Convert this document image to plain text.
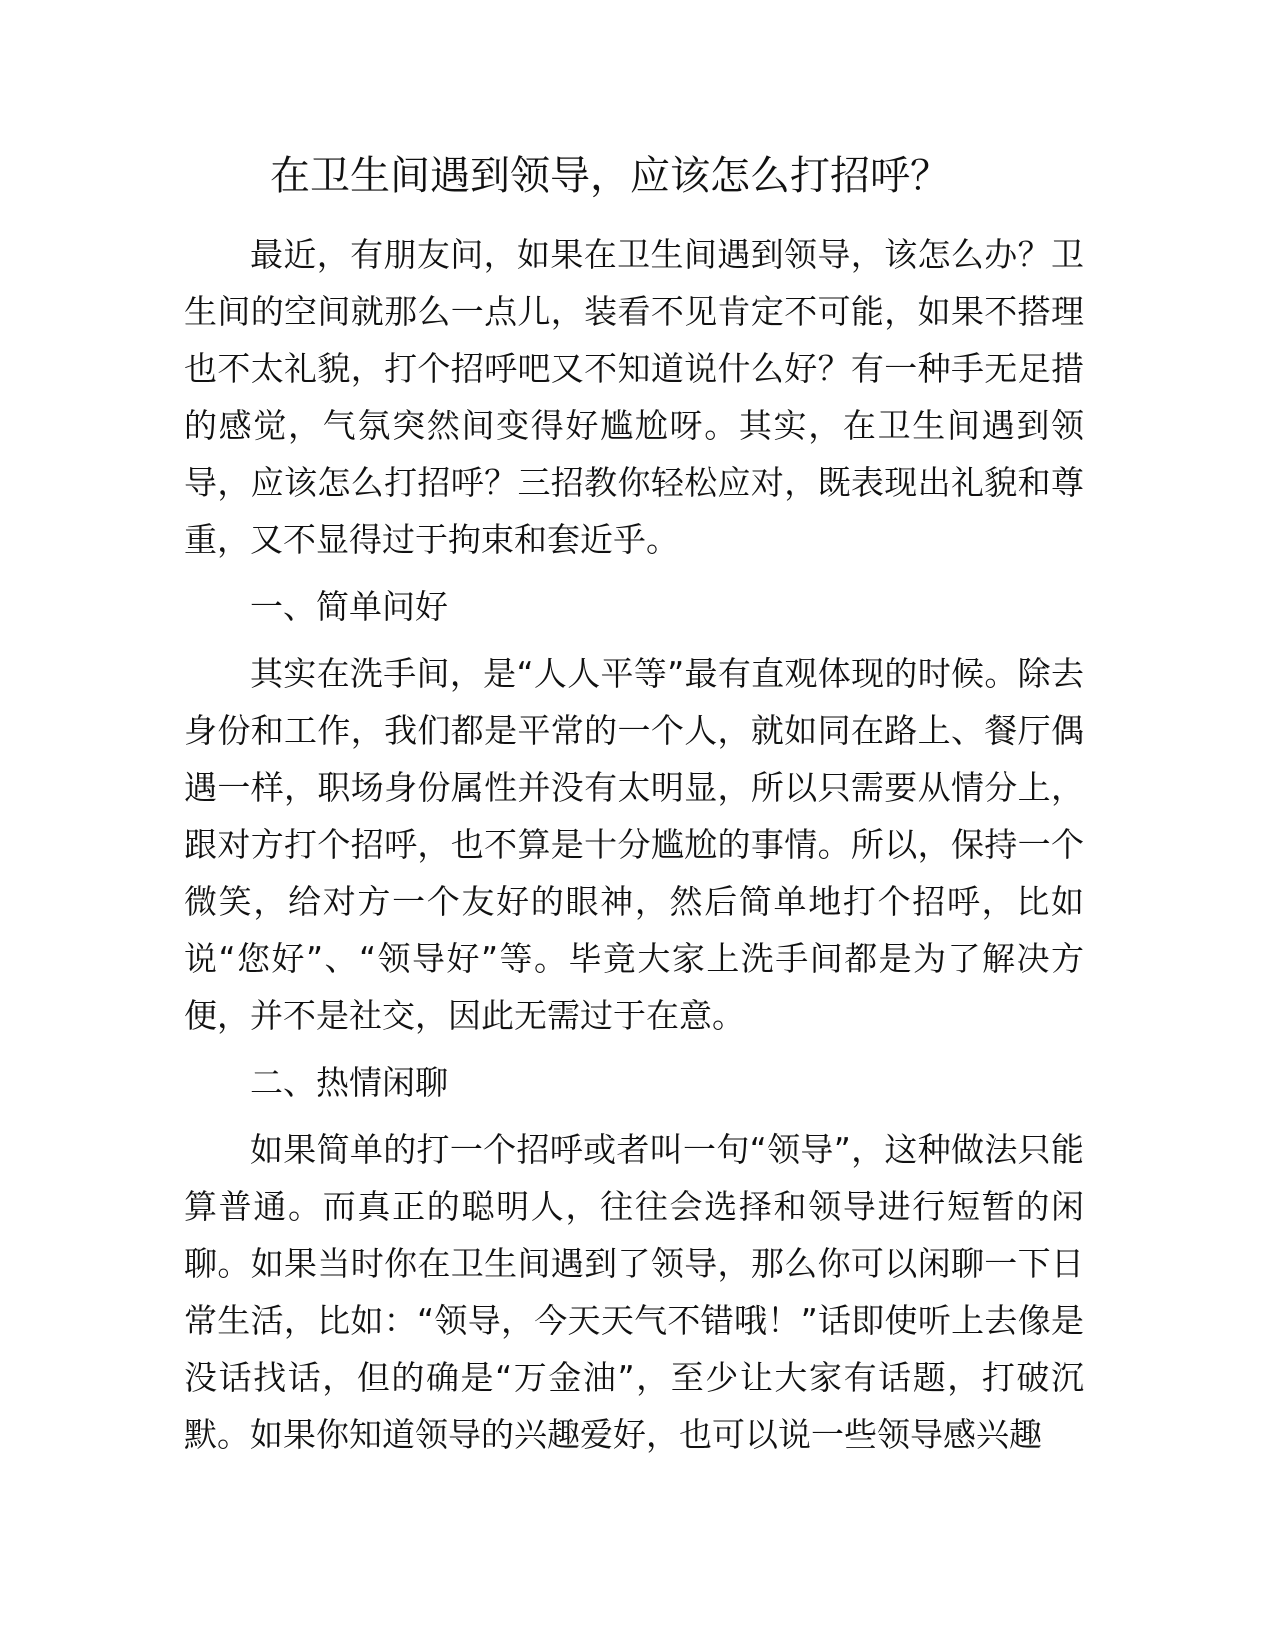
在卫生间遇到领导，应该怎么打招呼？

最近，有朋友问，如果在卫生间遇到领导，该怎么办？卫生间的空间就那么一点儿，装看不见肯定不可能，如果不搭理也不太礼貌，打个招呼吧又不知道说什么好？有一种手无足措的感觉，气氛突然间变得好尴尬呀。其实，在卫生间遇到领导，应该怎么打招呼？三招教你轻松应对，既表现出礼貌和尊重，又不显得过于拘束和套近乎。

一、简单问好

其实在洗手间，是“人人平等”最有直观体现的时候。除去身份和工作，我们都是平常的一个人，就如同在路上、餐厅偶遇一样，职场身份属性并没有太明显，所以只需要从情分上，跟对方打个招呼，也不算是十分尴尬的事情。所以，保持一个微笑，给对方一个友好的眼神，然后简单地打个招呼，比如说“您好”、“领导好”等。毕竟大家上洗手间都是为了解决方便，并不是社交，因此无需过于在意。

二、热情闲聊

如果简单的打一个招呼或者叫一句“领导”，这种做法只能算普通。而真正的聪明人，往往会选择和领导进行短暂的闲聊。如果当时你在卫生间遇到了领导，那么你可以闲聊一下日常生活，比如：“领导，今天天气不错哦！”话即使听上去像是没话找话，但的确是“万金油”，至少让大家有话题，打破沉默。如果你知道领导的兴趣爱好，也可以说一些领导感兴趣
